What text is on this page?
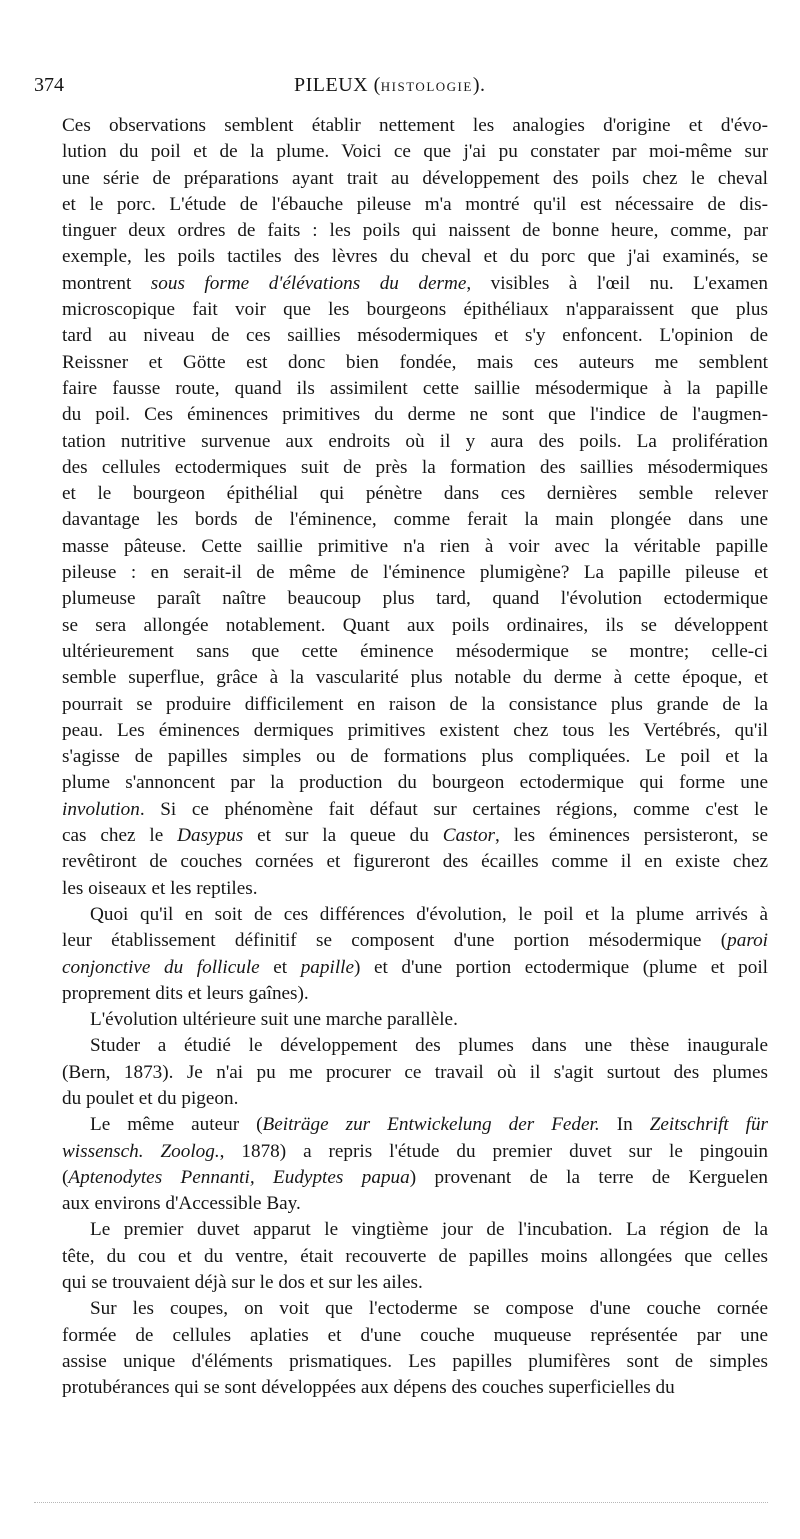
374	PILEUX (HISTOLOGIE).
Ces observations semblent établir nettement les analogies d'origine et d'évo-
lution du poil et de la plume. Voici ce que j'ai pu constater par moi-même sur
une série de préparations ayant trait au développement des poils chez le cheval
et le porc. L'étude de l'ébauche pileuse m'a montré qu'il est nécessaire de dis-
tinguer deux ordres de faits : les poils qui naissent de bonne heure, comme, par
exemple, les poils tactiles des lèvres du cheval et du porc que j'ai examinés, se
montrent sous forme d'élévations du derme, visibles à l'œil nu. L'examen
microscopique fait voir que les bourgeons épithéliaux n'apparaissent que plus
tard au niveau de ces saillies mésodermiques et s'y enfoncent. L'opinion de
Reissner et Götte est donc bien fondée, mais ces auteurs me semblent
faire fausse route, quand ils assimilent cette saillie mésodermique à la papille
du poil. Ces éminences primitives du derme ne sont que l'indice de l'augmen-
tation nutritive survenue aux endroits où il y aura des poils. La prolifération
des cellules ectodermiques suit de près la formation des saillies mésodermiques
et le bourgeon épithélial qui pénètre dans ces dernières semble relever
davantage les bords de l'éminence, comme ferait la main plongée dans une
masse pâteuse. Cette saillie primitive n'a rien à voir avec la véritable papille
pileuse : en serait-il de même de l'éminence plumigène? La papille pileuse et
plumeuse paraît naître beaucoup plus tard, quand l'évolution ectodermique
se sera allongée notablement. Quant aux poils ordinaires, ils se développent
ultérieurement sans que cette éminence mésodermique se montre; celle-ci
semble superflue, grâce à la vascularité plus notable du derme à cette époque, et
pourrait se produire difficilement en raison de la consistance plus grande de la
peau. Les éminences dermiques primitives existent chez tous les Vertébrés, qu'il
s'agisse de papilles simples ou de formations plus compliquées. Le poil et la
plume s'annoncent par la production du bourgeon ectodermique qui forme une
involution. Si ce phénomène fait défaut sur certaines régions, comme c'est le
cas chez le Dasypus et sur la queue du Castor, les éminences persisteront, se
revêtiront de couches cornées et figureront des écailles comme il en existe chez
les oiseaux et les reptiles.
Quoi qu'il en soit de ces différences d'évolution, le poil et la plume arrivés à
leur établissement définitif se composent d'une portion mésodermique (paroi
conjonctive du follicule et papille) et d'une portion ectodermique (plume et poil
proprement dits et leurs gaînes).
L'évolution ultérieure suit une marche parallèle.
Studer a étudié le développement des plumes dans une thèse inaugurale
(Bern, 1873). Je n'ai pu me procurer ce travail où il s'agit surtout des plumes
du poulet et du pigeon.
Le même auteur (Beiträge zur Entwickelung der Feder. In Zeitschrift für
wissensch. Zoolog., 1878) a repris l'étude du premier duvet sur le pingouin
(Aptenodytes Pennanti, Eudyptes papua) provenant de la terre de Kerguelen
aux environs d'Accessible Bay.
Le premier duvet apparut le vingtième jour de l'incubation. La région de la
tête, du cou et du ventre, était recouverte de papilles moins allongées que celles
qui se trouvaient déjà sur le dos et sur les ailes.
Sur les coupes, on voit que l'ectoderme se compose d'une couche cornée
formée de cellules aplaties et d'une couche muqueuse représentée par une
assise unique d'éléments prismatiques. Les papilles plumifères sont de simples
protubérances qui se sont développées aux dépens des couches superficielles du
